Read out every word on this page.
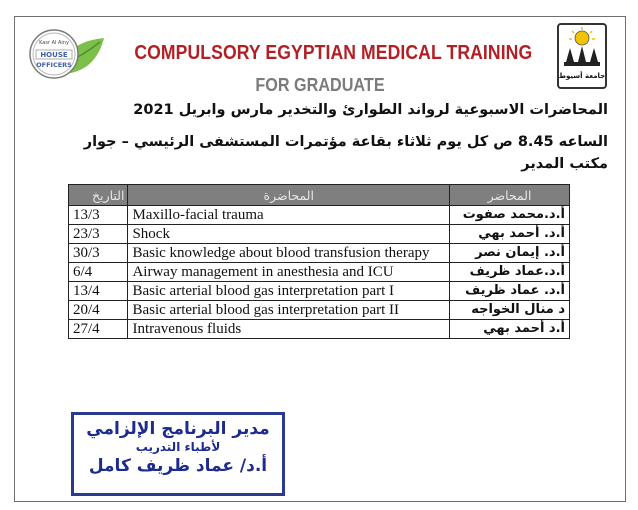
Kasr Al Ainy
HOUSE
OFFICERS
جامعة أسيوط
COMPULSORY EGYPTIAN MEDICAL TRAINING
FOR GRADUATE
المحاضرات الاسبوعية لرواند الطوارئ والتخدير مارس وابريل 2021
الساعه 8.45 ص كل يوم ثلاثاء بقاعة مؤتمرات المستشفى الرئيسي – جوار مكتب المدير
التاريخ	المحاضرة	المحاضر
13/3	Maxillo-facial trauma	أ.د.محمد صفوت
23/3	Shock	أ.د. أحمد بهي
30/3	Basic knowledge about blood transfusion therapy	أ.د. إيمان نصر
6/4	Airway management in anesthesia and ICU	أ.د.عماد ظريف
13/4	Basic arterial blood gas interpretation part I	أ.د. عماد ظريف
20/4	Basic arterial blood gas interpretation part II	د منال الخواجه
27/4	Intravenous fluids	أ.د أحمد بهي
مدير البرنامج الإلزامي
لأطباء التدريب
أ.د/ عماد ظريف كامل
